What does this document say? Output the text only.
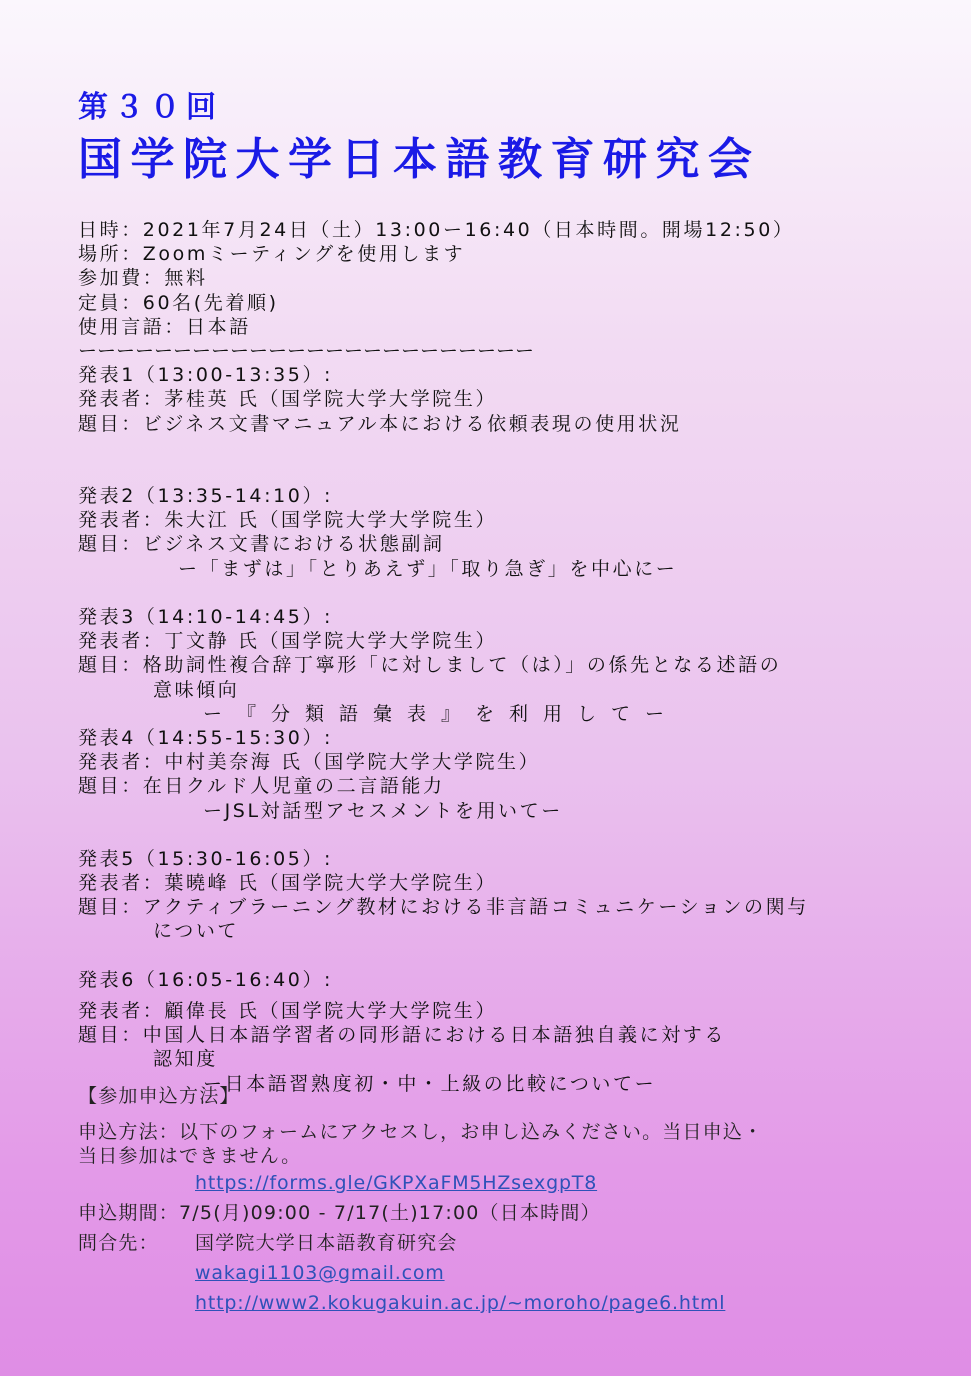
第３０回
国学院大学日本語教育研究会
日時：2021年7月24日（土）13:00ー16:40（日本時間。開場12:50）
場所：Zoomミーティングを使用します
参加費：無料
定員：60名(先着順)
使用言語：日本語
ーーーーーーーーーーーーーーーーーーーーーーーー
発表1（13:00-13:35）:
発表者：茅桂英 氏（国学院大学大学院生）
題目：ビジネス文書マニュアル本における依頼表現の使用状況
発表2（13:35-14:10）:
発表者：朱大江 氏（国学院大学大学院生）
題目：ビジネス文書における状態副詞
ー「まずは」「とりあえず」「取り急ぎ」を中心にー
発表3（14:10-14:45）:
発表者：丁文静 氏（国学院大学大学院生）
題目：格助詞性複合辞丁寧形「に対しまして（は）」の係先となる述語の
意味傾向
ー『分類語彙表』を利用してー
発表4（14:55-15:30）:
発表者：中村美奈海 氏（国学院大学大学院生）
題目：在日クルド人児童の二言語能力
ーJSL対話型アセスメントを用いてー
発表5（15:30-16:05）:
発表者：葉曉峰 氏（国学院大学大学院生）
題目：アクティブラーニング教材における非言語コミュニケーションの関与
について
発表6（16:05-16:40）:
発表者：顧偉長 氏（国学院大学大学院生）
題目：中国人日本語学習者の同形語における日本語独自義に対する
認知度
ー日本語習熟度初・中・上級の比較についてー
【参加申込方法】
申込方法：以下のフォームにアクセスし，お申し込みください。当日申込・
当日参加はできません。
https://forms.gle/GKPXaFM5HZsexgpT8
申込期間：7/5(月)09:00 - 7/17(土)17:00（日本時間）
問合先： 国学院大学日本語教育研究会
wakagi1103@gmail.com
http://www2.kokugakuin.ac.jp/~moroho/page6.html
